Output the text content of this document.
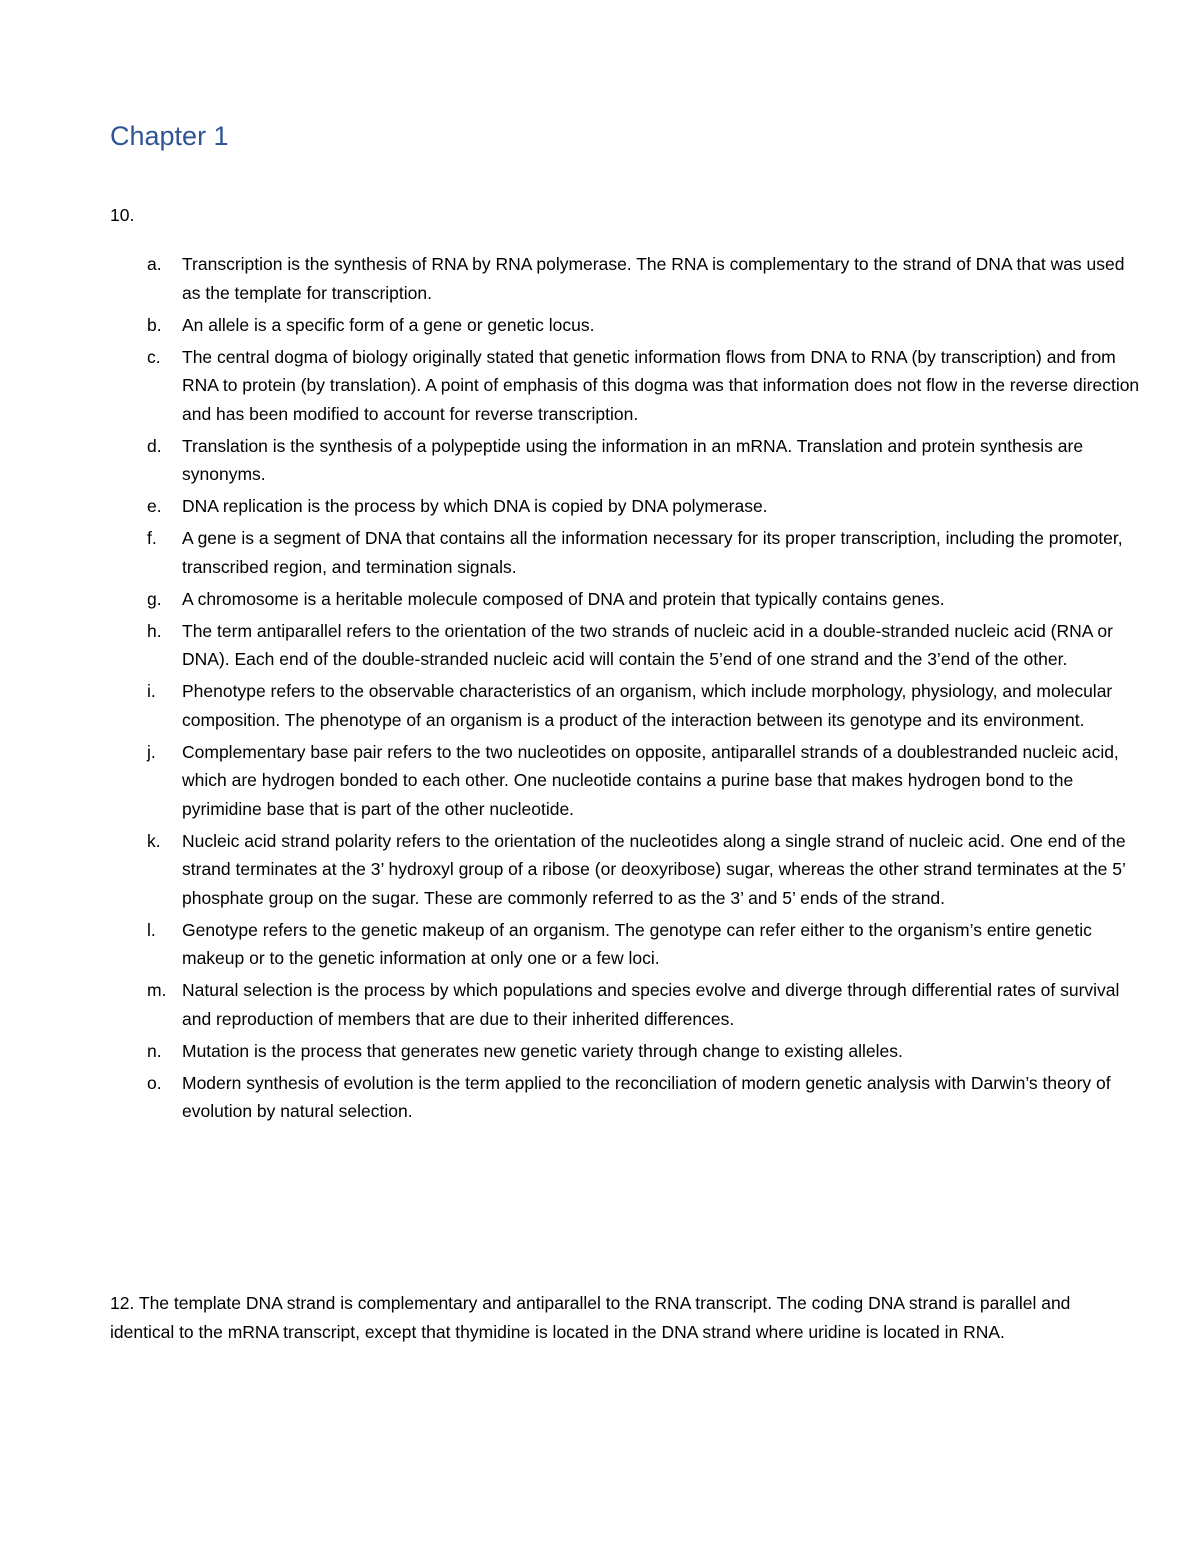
Chapter 1
10.
a. Transcription is the synthesis of RNA by RNA polymerase. The RNA is complementary to the strand of DNA that was used as the template for transcription.
b. An allele is a specific form of a gene or genetic locus.
c. The central dogma of biology originally stated that genetic information flows from DNA to RNA (by transcription) and from RNA to protein (by translation). A point of emphasis of this dogma was that information does not flow in the reverse direction and has been modified to account for reverse transcription.
d. Translation is the synthesis of a polypeptide using the information in an mRNA. Translation and protein synthesis are synonyms.
e. DNA replication is the process by which DNA is copied by DNA polymerase.
f. A gene is a segment of DNA that contains all the information necessary for its proper transcription, including the promoter, transcribed region, and termination signals.
g. A chromosome is a heritable molecule composed of DNA and protein that typically contains genes.
h. The term antiparallel refers to the orientation of the two strands of nucleic acid in a double-stranded nucleic acid (RNA or DNA). Each end of the double-stranded nucleic acid will contain the 5’end of one strand and the 3’end of the other.
i. Phenotype refers to the observable characteristics of an organism, which include morphology, physiology, and molecular composition. The phenotype of an organism is a product of the interaction between its genotype and its environment.
j. Complementary base pair refers to the two nucleotides on opposite, antiparallel strands of a doublestranded nucleic acid, which are hydrogen bonded to each other. One nucleotide contains a purine base that makes hydrogen bond to the pyrimidine base that is part of the other nucleotide.
k. Nucleic acid strand polarity refers to the orientation of the nucleotides along a single strand of nucleic acid. One end of the strand terminates at the 3’ hydroxyl group of a ribose (or deoxyribose) sugar, whereas the other strand terminates at the 5’ phosphate group on the sugar. These are commonly referred to as the 3’ and 5’ ends of the strand.
l. Genotype refers to the genetic makeup of an organism. The genotype can refer either to the organism’s entire genetic makeup or to the genetic information at only one or a few loci.
m. Natural selection is the process by which populations and species evolve and diverge through differential rates of survival and reproduction of members that are due to their inherited differences.
n. Mutation is the process that generates new genetic variety through change to existing alleles.
o. Modern synthesis of evolution is the term applied to the reconciliation of modern genetic analysis with Darwin’s theory of evolution by natural selection.

12. The template DNA strand is complementary and antiparallel to the RNA transcript. The coding DNA strand is parallel and identical to the mRNA transcript, except that thymidine is located in the DNA strand where uridine is located in RNA.
